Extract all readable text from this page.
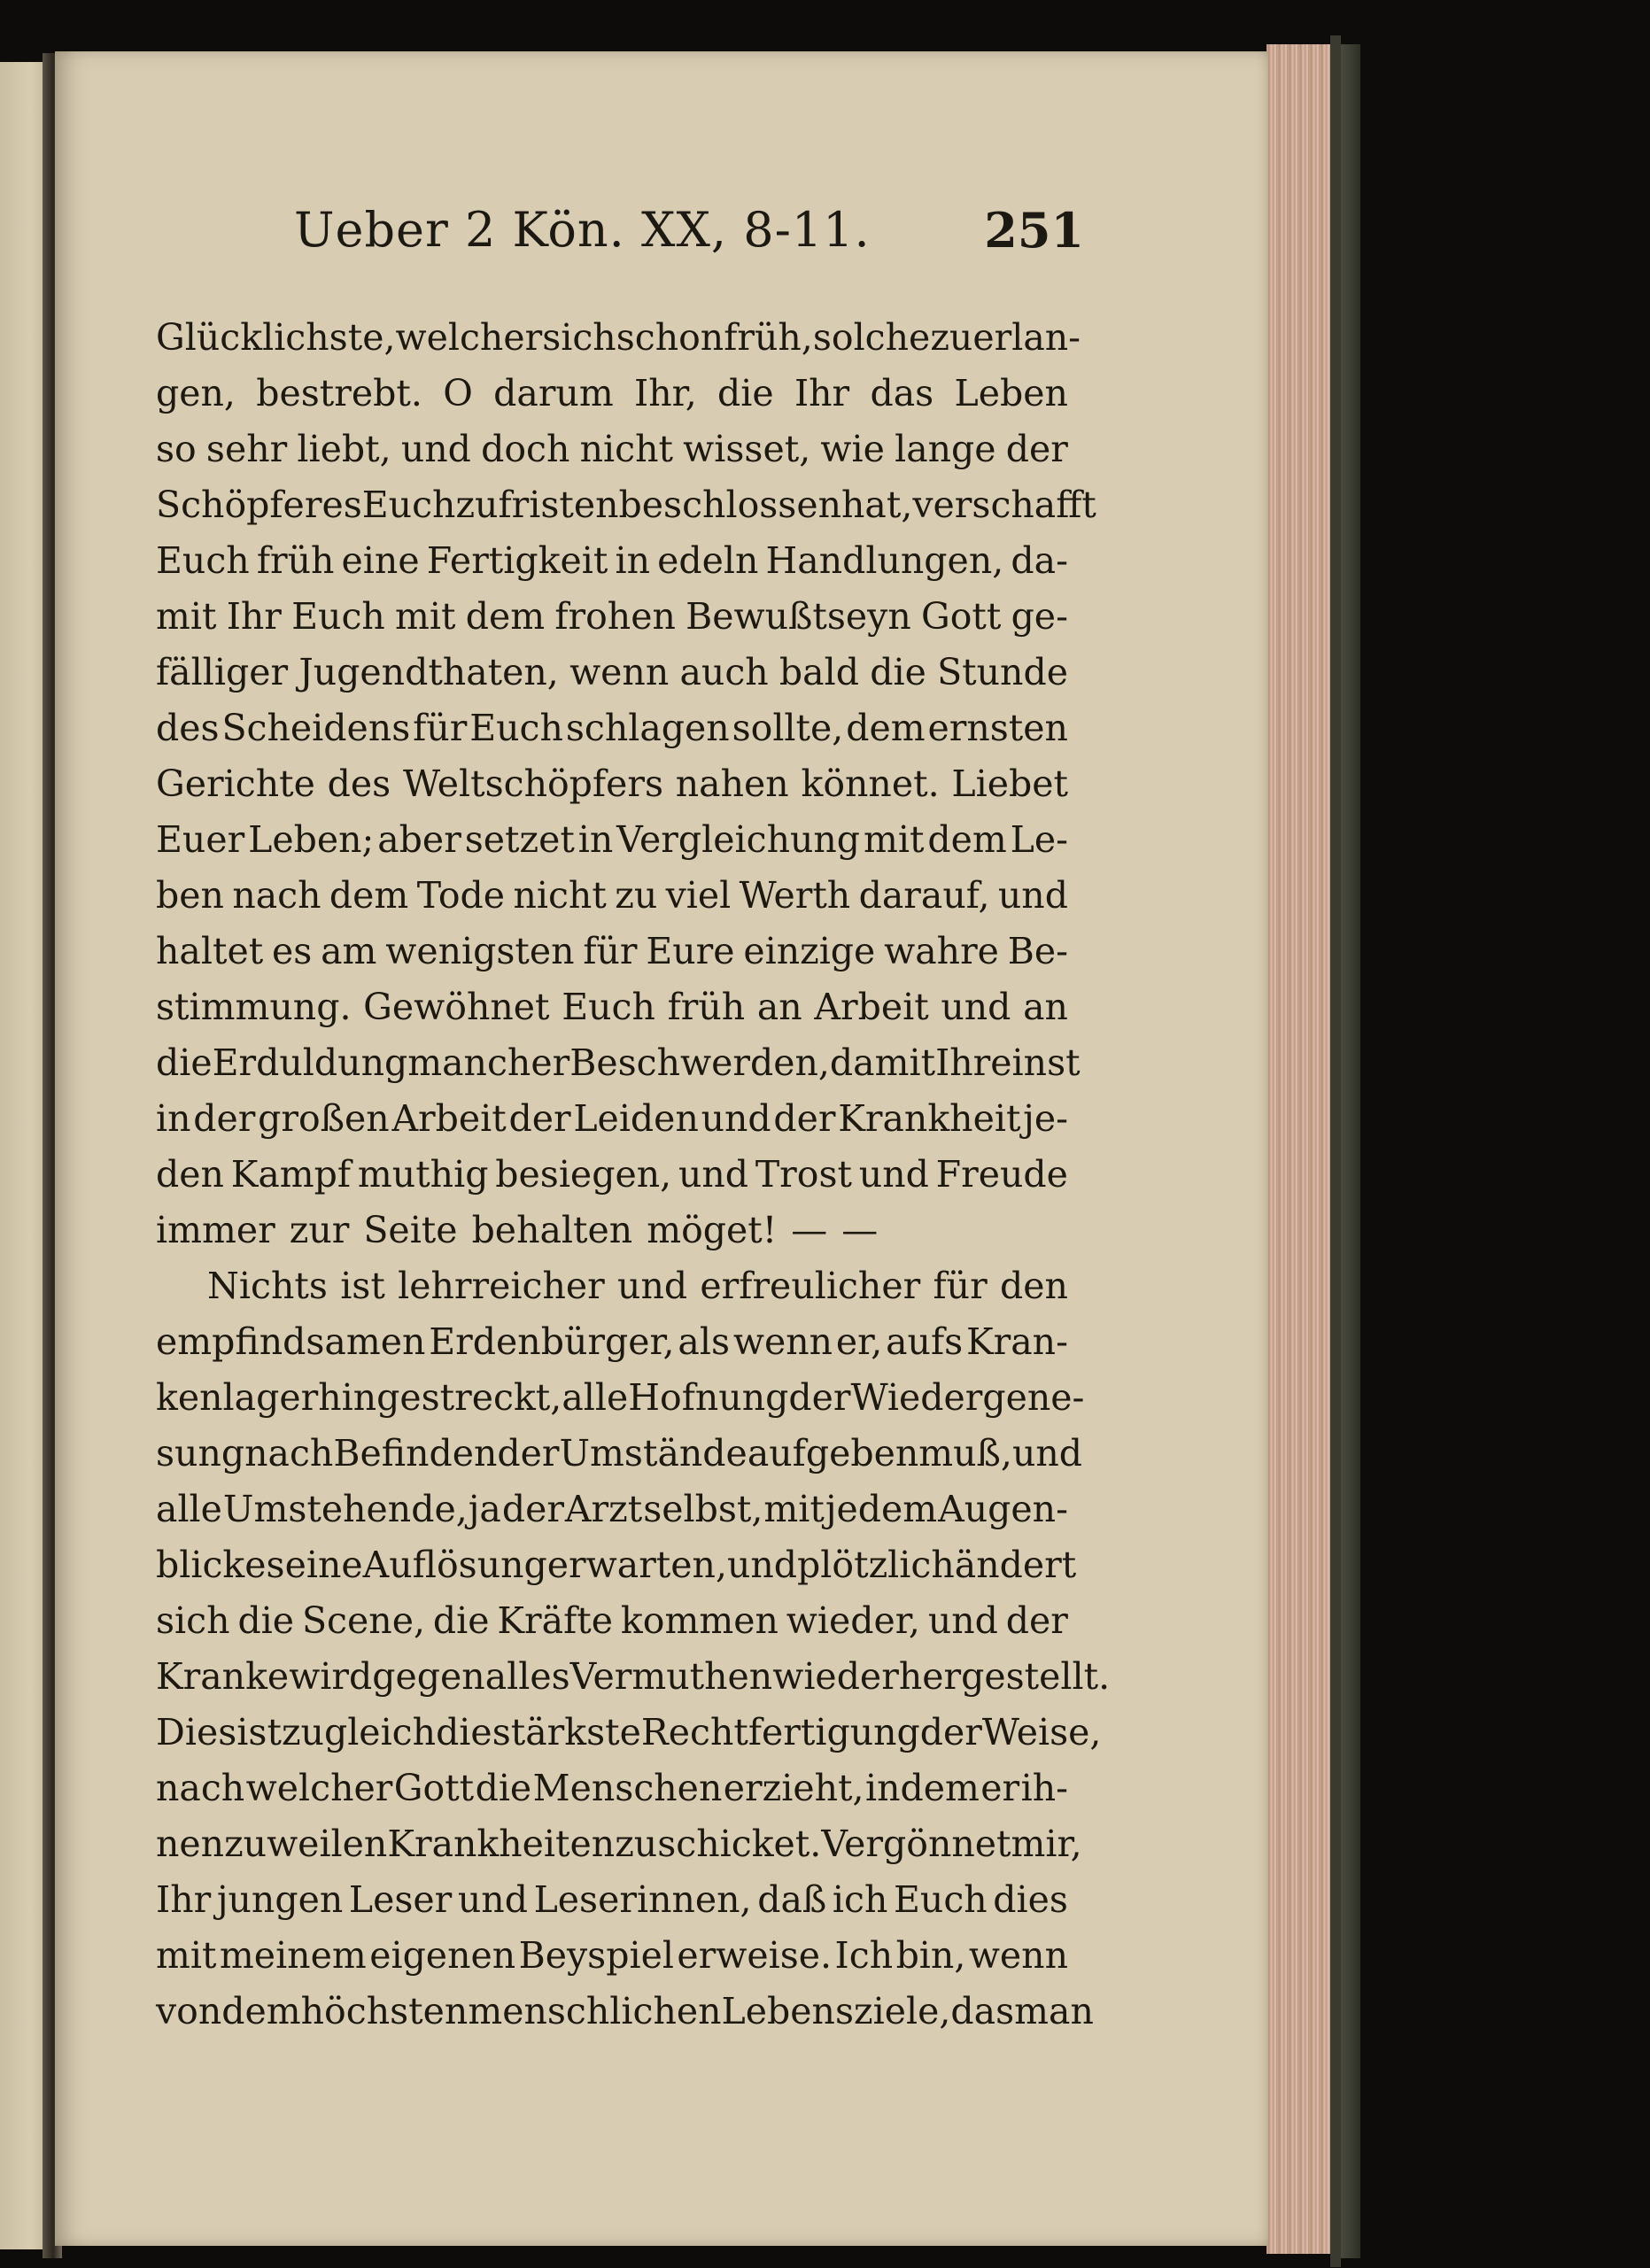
Ueber 2 Kön. XX, 8-11. 251
Glücklichste, welcher sich schon früh, solche zu erlan-
gen, bestrebt. O darum Ihr, die Ihr das Leben
so sehr liebt, und doch nicht wisset, wie lange der
Schöpfer es Euch zu fristen beschlossen hat, verschafft
Euch früh eine Fertigkeit in edeln Handlungen, da-
mit Ihr Euch mit dem frohen Bewußtseyn Gott ge-
fälliger Jugendthaten, wenn auch bald die Stunde
des Scheidens für Euch schlagen sollte, dem ernsten
Gerichte des Weltschöpfers nahen könnet. Liebet
Euer Leben; aber setzet in Vergleichung mit dem Le-
ben nach dem Tode nicht zu viel Werth darauf, und
haltet es am wenigsten für Eure einzige wahre Be-
stimmung. Gewöhnet Euch früh an Arbeit und an
die Erduldung mancher Beschwerden, damit Ihr einst
in der großen Arbeit der Leiden und der Krankheit je-
den Kampf muthig besiegen, und Trost und Freude
immer zur Seite behalten möget! — —
Nichts ist lehrreicher und erfreulicher für den
empfindsamen Erdenbürger, als wenn er, aufs Kran-
kenlager hingestreckt, alle Hofnung der Wiedergene-
sung nach Befinden der Umstände aufgeben muß, und
alle Umstehende, ja der Arzt selbst, mit jedem Augen-
blicke seine Auflösung erwarten, und plötzlich ändert
sich die Scene, die Kräfte kommen wieder, und der
Kranke wird gegen alles Vermuthen wieder hergestellt.
Dies ist zugleich die stärkste Rechtfertigung der Weise,
nach welcher Gott die Menschen erzieht, indem er ih-
nen zuweilen Krankheiten zuschicket. Vergönnet mir,
Ihr jungen Leser und Leserinnen, daß ich Euch dies
mit meinem eigenen Beyspiel erweise. Ich bin, wenn
von dem höchsten menschlichen Lebensziele, das man
